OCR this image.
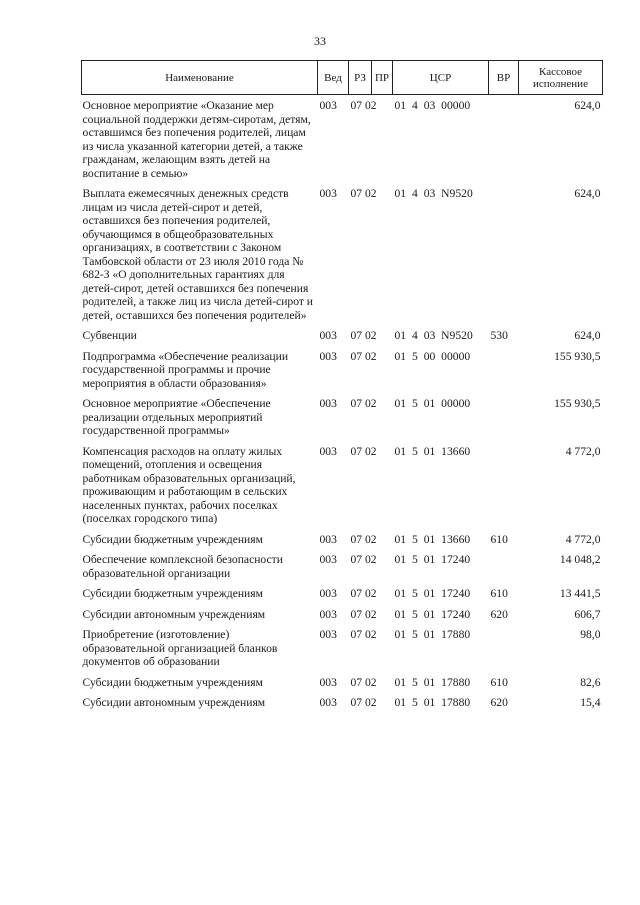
33
Наименование	Вед	РЗ	ПР	ЦСР	ВР	Кассовое исполнение
Основное мероприятие «Оказание мер социальной поддержки детям-сиротам, детям, оставшимся без попечения родителей, лицам из числа указанной категории детей, а также гражданам, желающим взять детей на воспитание в семью»	003	07 02		01 4 03 00000		624,0
Выплата ежемесячных денежных средств лицам из числа детей-сирот и детей, оставшихся без попечения родителей, обучающимся в общеобразовательных организациях, в соответствии с Законом Тамбовской области от 23 июля 2010 года № 682-З «О дополнительных гарантиях для детей-сирот, детей оставшихся без попечения родителей, а также лиц из числа детей-сирот и детей, оставшихся без попечения родителей»	003	07 02		01 4 03 N9520		624,0
Субвенции	003	07 02		01 4 03 N9520	530	624,0
Подпрограмма «Обеспечение реализации государственной программы и прочие мероприятия в области образования»	003	07 02		01 5 00 00000		155 930,5
Основное мероприятие «Обеспечение реализации отдельных мероприятий государственной программы»	003	07 02		01 5 01 00000		155 930,5
Компенсация расходов на оплату жилых помещений, отопления и освещения работникам образовательных организаций, проживающим и работающим в сельских населенных пунктах, рабочих поселках (поселках городского типа)	003	07 02		01 5 01 13660		4 772,0
Субсидии бюджетным учреждениям	003	07 02		01 5 01 13660	610	4 772,0
Обеспечение комплексной безопасности образовательной организации	003	07 02		01 5 01 17240		14 048,2
Субсидии бюджетным учреждениям	003	07 02		01 5 01 17240	610	13 441,5
Субсидии автономным учреждениям	003	07 02		01 5 01 17240	620	606,7
Приобретение (изготовление) образовательной организацией бланков документов об образовании	003	07 02		01 5 01 17880		98,0
Субсидии бюджетным учреждениям	003	07 02		01 5 01 17880	610	82,6
Субсидии автономным учреждениям	003	07 02		01 5 01 17880	620	15,4
